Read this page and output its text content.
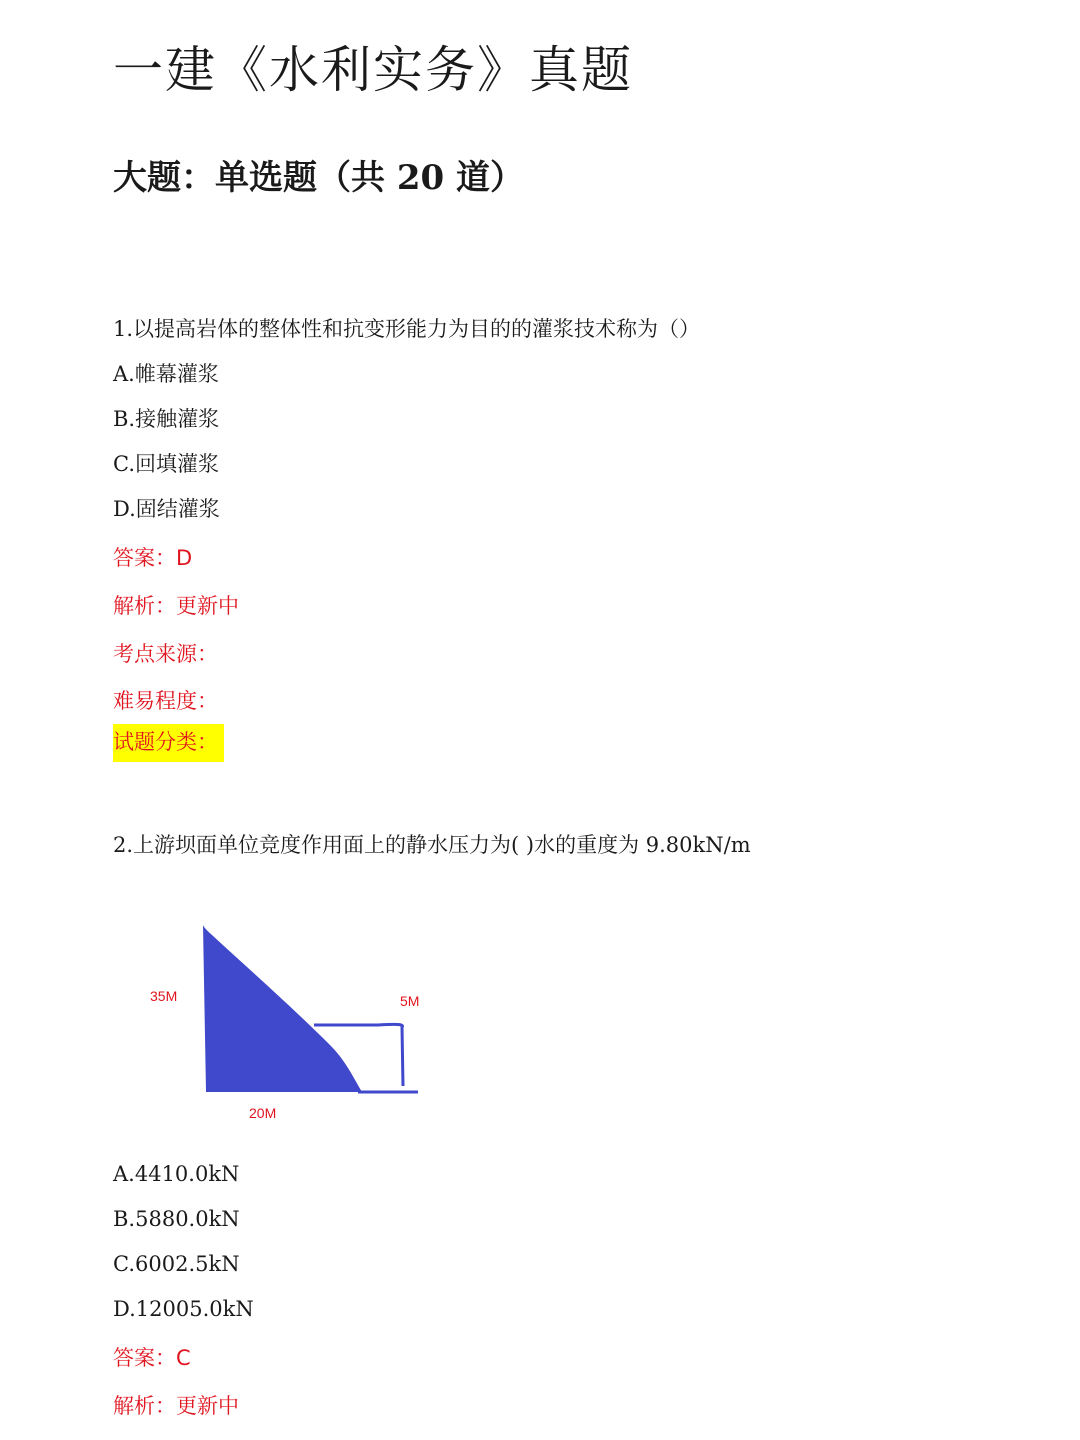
一建《水利实务》真题
大题：单选题（共 20 道）
1.以提高岩体的整体性和抗变形能力为目的的灌浆技术称为（）
A.帷幕灌浆
B.接触灌浆
C.回填灌浆
D.固结灌浆
答案：D
解析：更新中
考点来源：
难易程度：
试题分类：
2.上游坝面单位竞度作用面上的静水压力为( )水的重度为 9.80kN/m
35M	5M
20M
A.4410.0kN
B.5880.0kN
C.6002.5kN
D.12005.0kN
答案：C
解析：更新中
